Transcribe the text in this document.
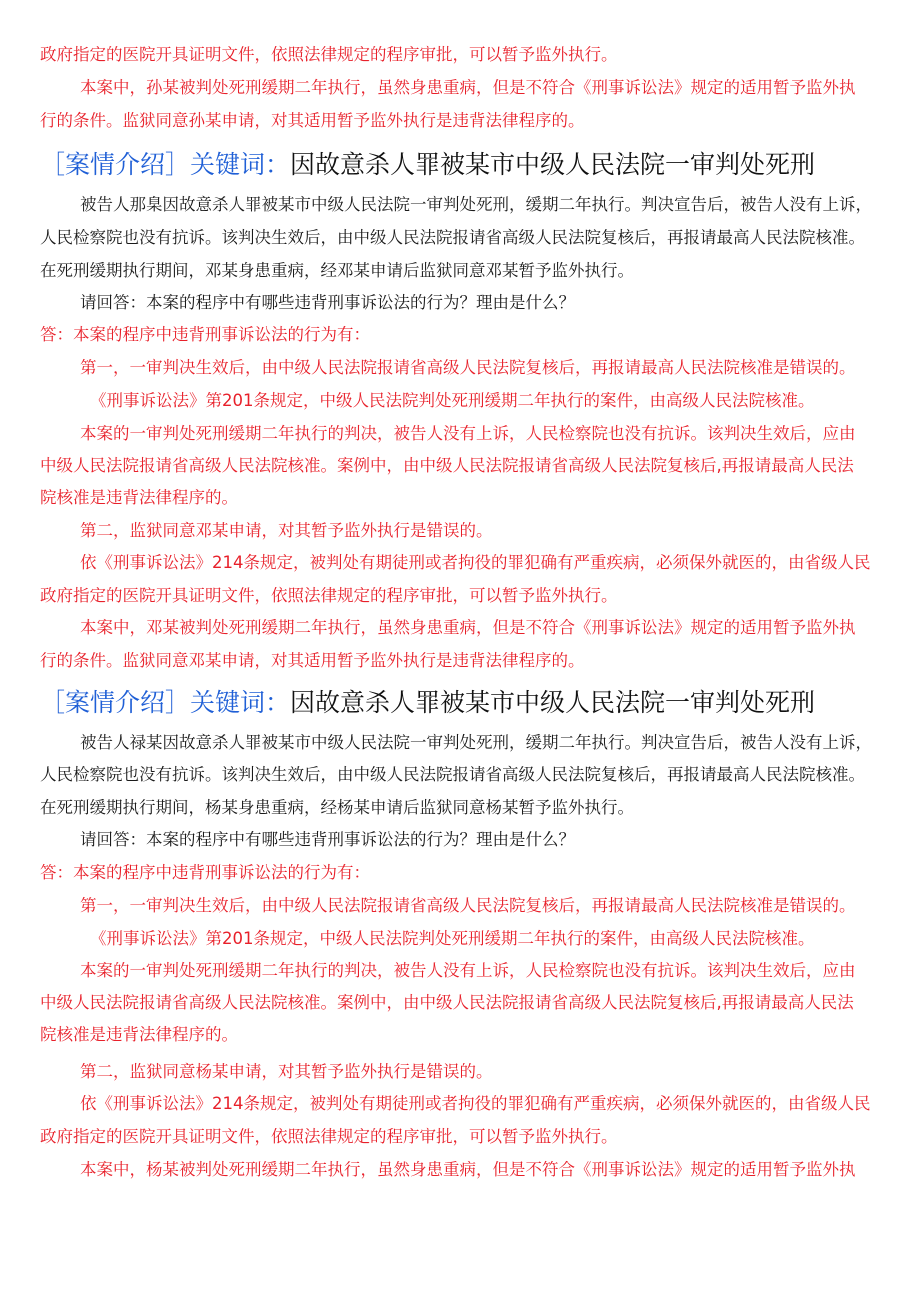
政府指定的医院开具证明文件，依照法律规定的程序审批，可以暂予监外执行。
本案中，孙某被判处死刑缓期二年执行，虽然身患重病，但是不符合《刑事诉讼法》规定的适用暂予监外执
行的条件。监狱同意孙某申请，对其适用暂予监外执行是违背法律程序的。
［案情介绍］关键词：因故意杀人罪被某市中级人民法院一审判处死刑
被告人那臬因故意杀人罪被某市中级人民法院一审判处死刑，缓期二年执行。判决宣告后，被告人没有上诉，
人民检察院也没有抗诉。该判决生效后，由中级人民法院报请省高级人民法院复核后，再报请最高人民法院核准。
在死刑缓期执行期间，邓某身患重病，经邓某申请后监狱同意邓某暂予监外执行。
请回答：本案的程序中有哪些违背刑事诉讼法的行为？理由是什么？
答：本案的程序中违背刑事诉讼法的行为有：
第一，一审判决生效后，由中级人民法院报请省高级人民法院复核后，再报请最高人民法院核准是错误的。
《刑事诉讼法》第201条规定，中级人民法院判处死刑缓期二年执行的案件，由高级人民法院核准。
本案的一审判处死刑缓期二年执行的判决，被告人没有上诉，人民检察院也没有抗诉。该判决生效后，应由
中级人民法院报请省高级人民法院核准。案例中，由中级人民法院报请省高级人民法院复核后,再报请最高人民法
院核准是违背法律程序的。
第二，监狱同意邓某申请，对其暂予监外执行是错误的。
依《刑事诉讼法》214条规定，被判处有期徒刑或者拘役的罪犯确有严重疾病，必须保外就医的，由省级人民
政府指定的医院开具证明文件，依照法律规定的程序审批，可以暂予监外执行。
本案中，邓某被判处死刑缓期二年执行，虽然身患重病，但是不符合《刑事诉讼法》规定的适用暂予监外执
行的条件。监狱同意邓某申请，对其适用暂予监外执行是违背法律程序的。
［案情介绍］关键词：因故意杀人罪被某市中级人民法院一审判处死刑
被告人禄某因故意杀人罪被某市中级人民法院一审判处死刑，缓期二年执行。判决宣告后，被告人没有上诉，
人民检察院也没有抗诉。该判决生效后，由中级人民法院报请省高级人民法院复核后，再报请最高人民法院核准。
在死刑缓期执行期间，杨某身患重病，经杨某申请后监狱同意杨某暂予监外执行。
请回答：本案的程序中有哪些违背刑事诉讼法的行为？理由是什么？
答：本案的程序中违背刑事诉讼法的行为有：
第一，一审判决生效后，由中级人民法院报请省高级人民法院复核后，再报请最高人民法院核准是错误的。
《刑事诉讼法》第201条规定，中级人民法院判处死刑缓期二年执行的案件，由高级人民法院核准。
本案的一审判处死刑缓期二年执行的判决，被告人没有上诉，人民检察院也没有抗诉。该判决生效后，应由
中级人民法院报请省高级人民法院核准。案例中，由中级人民法院报请省高级人民法院复核后,再报请最高人民法
院核准是违背法律程序的。
第二，监狱同意杨某申请，对其暂予监外执行是错误的。
依《刑事诉讼法》214条规定，被判处有期徒刑或者拘役的罪犯确有严重疾病，必须保外就医的，由省级人民
政府指定的医院开具证明文件，依照法律规定的程序审批，可以暂予监外执行。
本案中，杨某被判处死刑缓期二年执行，虽然身患重病，但是不符合《刑事诉讼法》规定的适用暂予监外执
